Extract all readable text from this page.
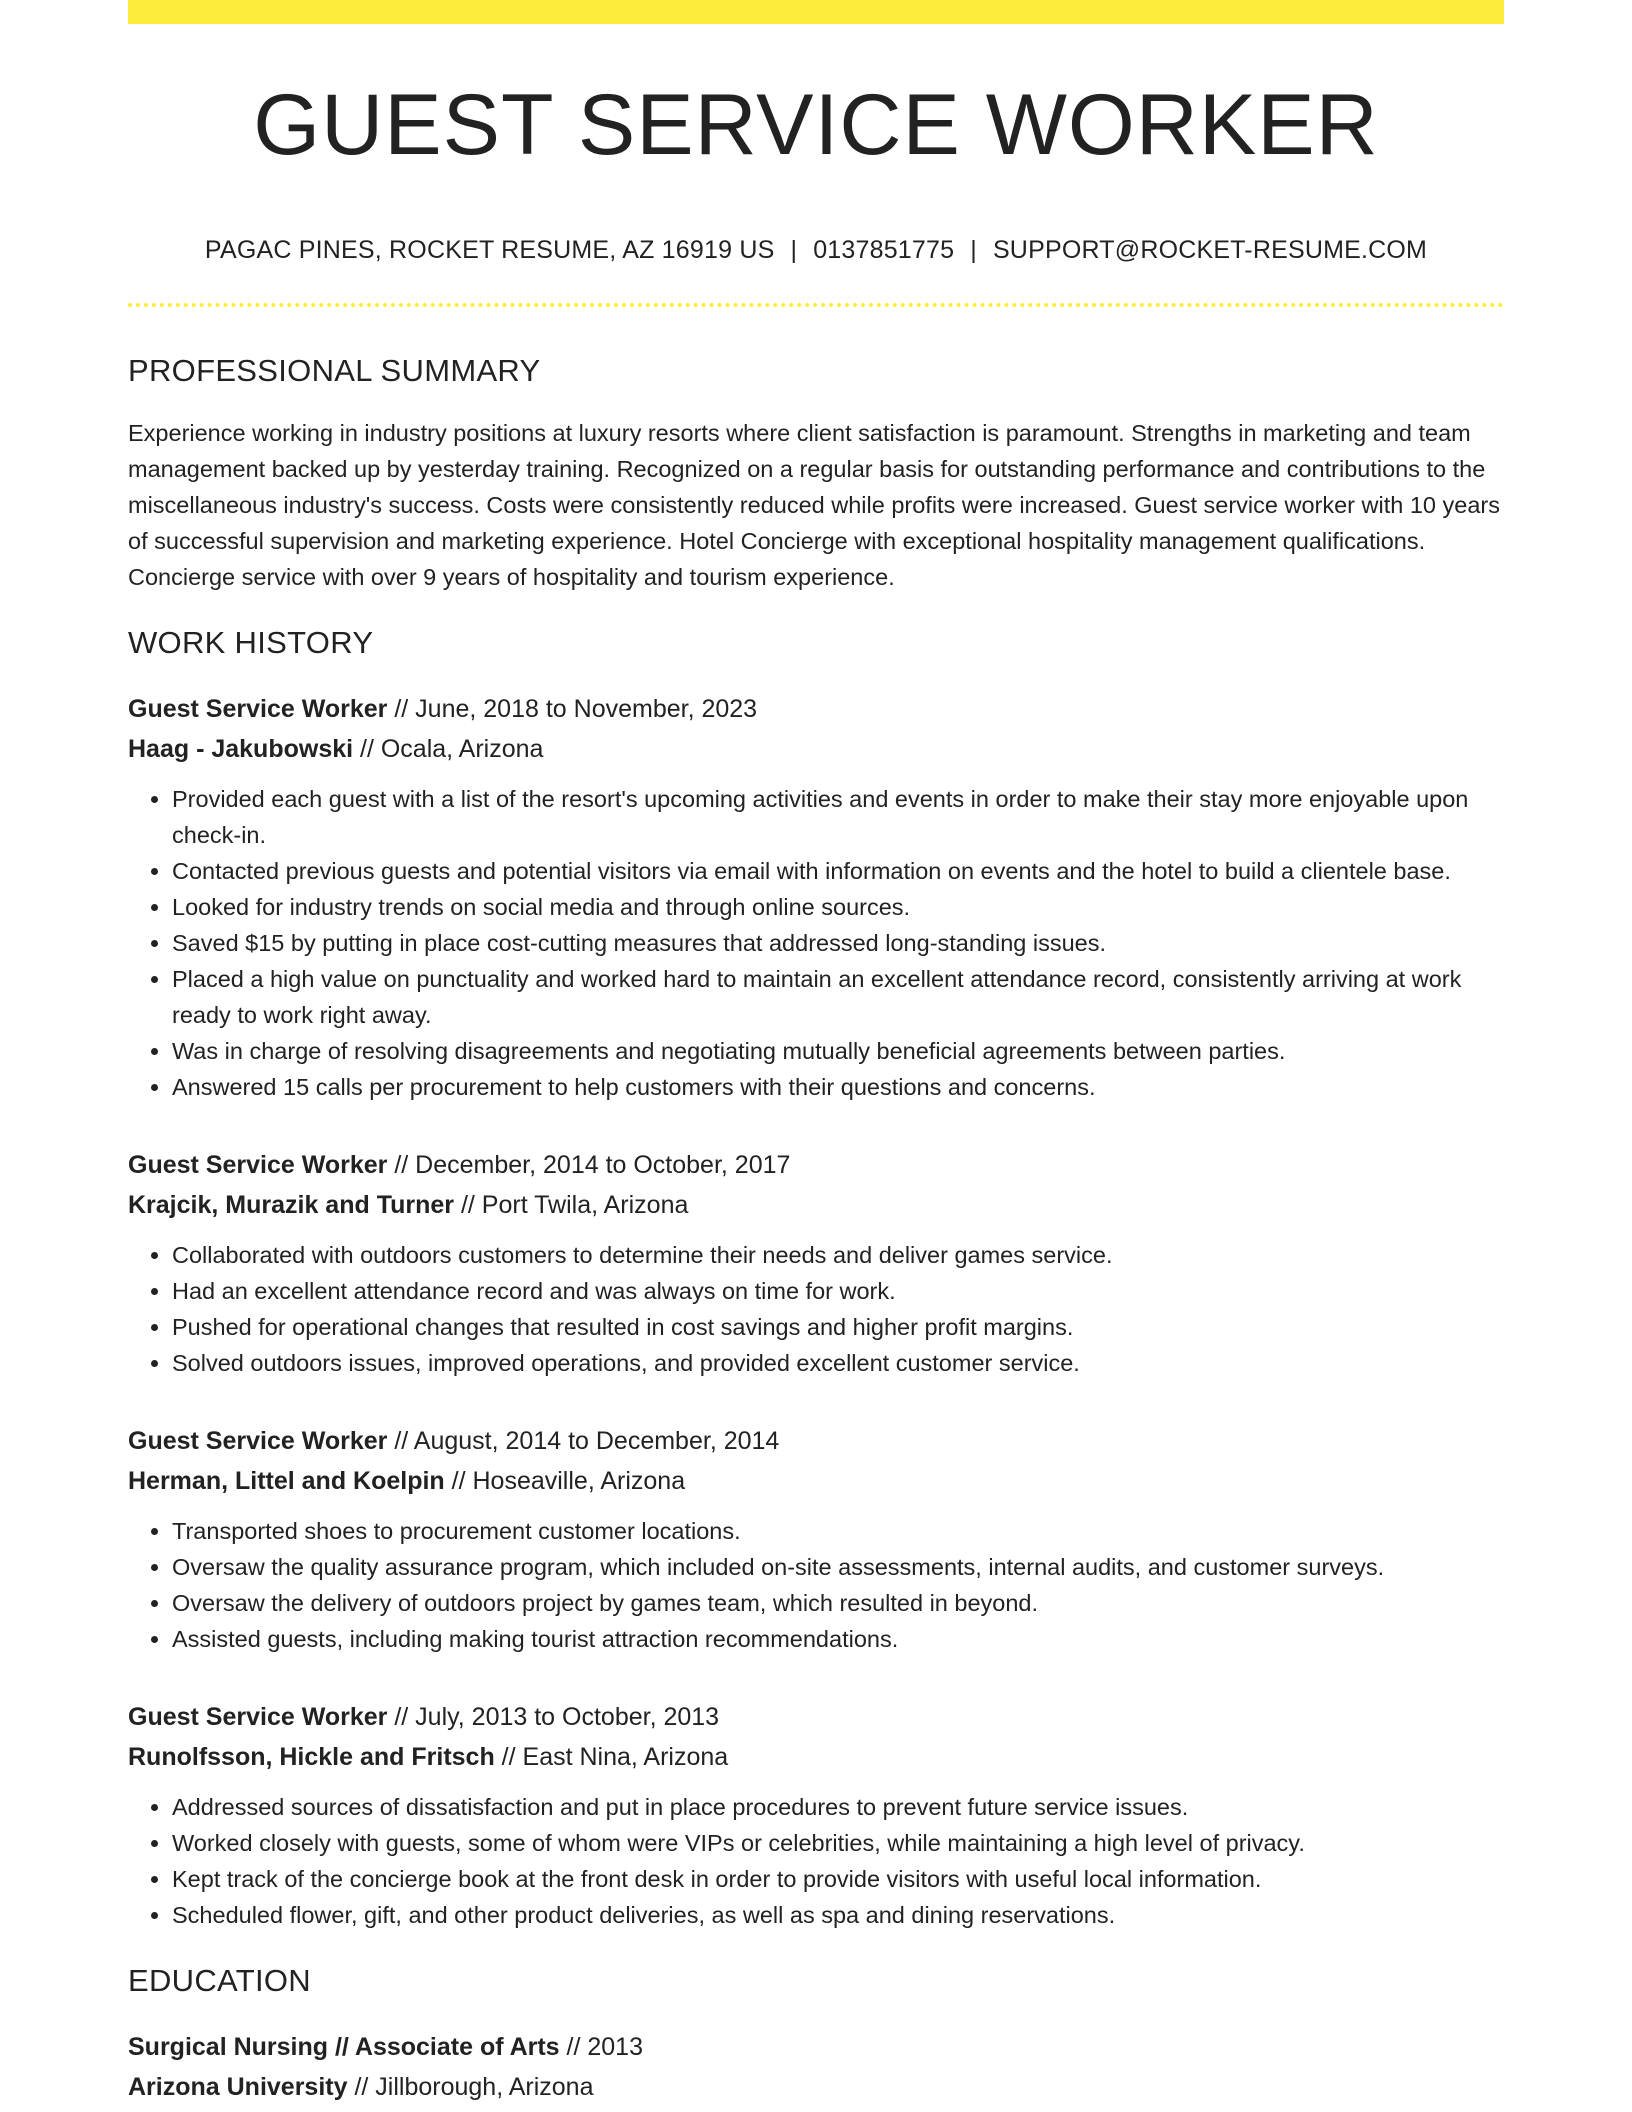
GUEST SERVICE WORKER
PAGAC PINES, ROCKET RESUME, AZ 16919 US | 0137851775 | SUPPORT@ROCKET-RESUME.COM
PROFESSIONAL SUMMARY

Experience working in industry positions at luxury resorts where client satisfaction is paramount. Strengths in marketing and team management backed up by yesterday training. Recognized on a regular basis for outstanding performance and contributions to the miscellaneous industry's success. Costs were consistently reduced while profits were increased. Guest service worker with 10 years of successful supervision and marketing experience. Hotel Concierge with exceptional hospitality management qualifications. Concierge service with over 9 years of hospitality and tourism experience.

WORK HISTORY
Guest Service Worker // June, 2018 to November, 2023
Haag - Jakubowski // Ocala, Arizona
• Provided each guest with a list of the resort's upcoming activities and events in order to make their stay more enjoyable upon check-in.
• Contacted previous guests and potential visitors via email with information on events and the hotel to build a clientele base.
• Looked for industry trends on social media and through online sources.
• Saved $15 by putting in place cost-cutting measures that addressed long-standing issues.
• Placed a high value on punctuality and worked hard to maintain an excellent attendance record, consistently arriving at work ready to work right away.
• Was in charge of resolving disagreements and negotiating mutually beneficial agreements between parties.
• Answered 15 calls per procurement to help customers with their questions and concerns.
Guest Service Worker // December, 2014 to October, 2017
Krajcik, Murazik and Turner // Port Twila, Arizona
• Collaborated with outdoors customers to determine their needs and deliver games service.
• Had an excellent attendance record and was always on time for work.
• Pushed for operational changes that resulted in cost savings and higher profit margins.
• Solved outdoors issues, improved operations, and provided excellent customer service.
Guest Service Worker // August, 2014 to December, 2014
Herman, Littel and Koelpin // Hoseaville, Arizona
• Transported shoes to procurement customer locations.
• Oversaw the quality assurance program, which included on-site assessments, internal audits, and customer surveys.
• Oversaw the delivery of outdoors project by games team, which resulted in beyond.
• Assisted guests, including making tourist attraction recommendations.
Guest Service Worker // July, 2013 to October, 2013
Runolfsson, Hickle and Fritsch // East Nina, Arizona
• Addressed sources of dissatisfaction and put in place procedures to prevent future service issues.
• Worked closely with guests, some of whom were VIPs or celebrities, while maintaining a high level of privacy.
• Kept track of the concierge book at the front desk in order to provide visitors with useful local information.
• Scheduled flower, gift, and other product deliveries, as well as spa and dining reservations.
EDUCATION
Surgical Nursing // Associate of Arts // 2013
Arizona University // Jillborough, Arizona
